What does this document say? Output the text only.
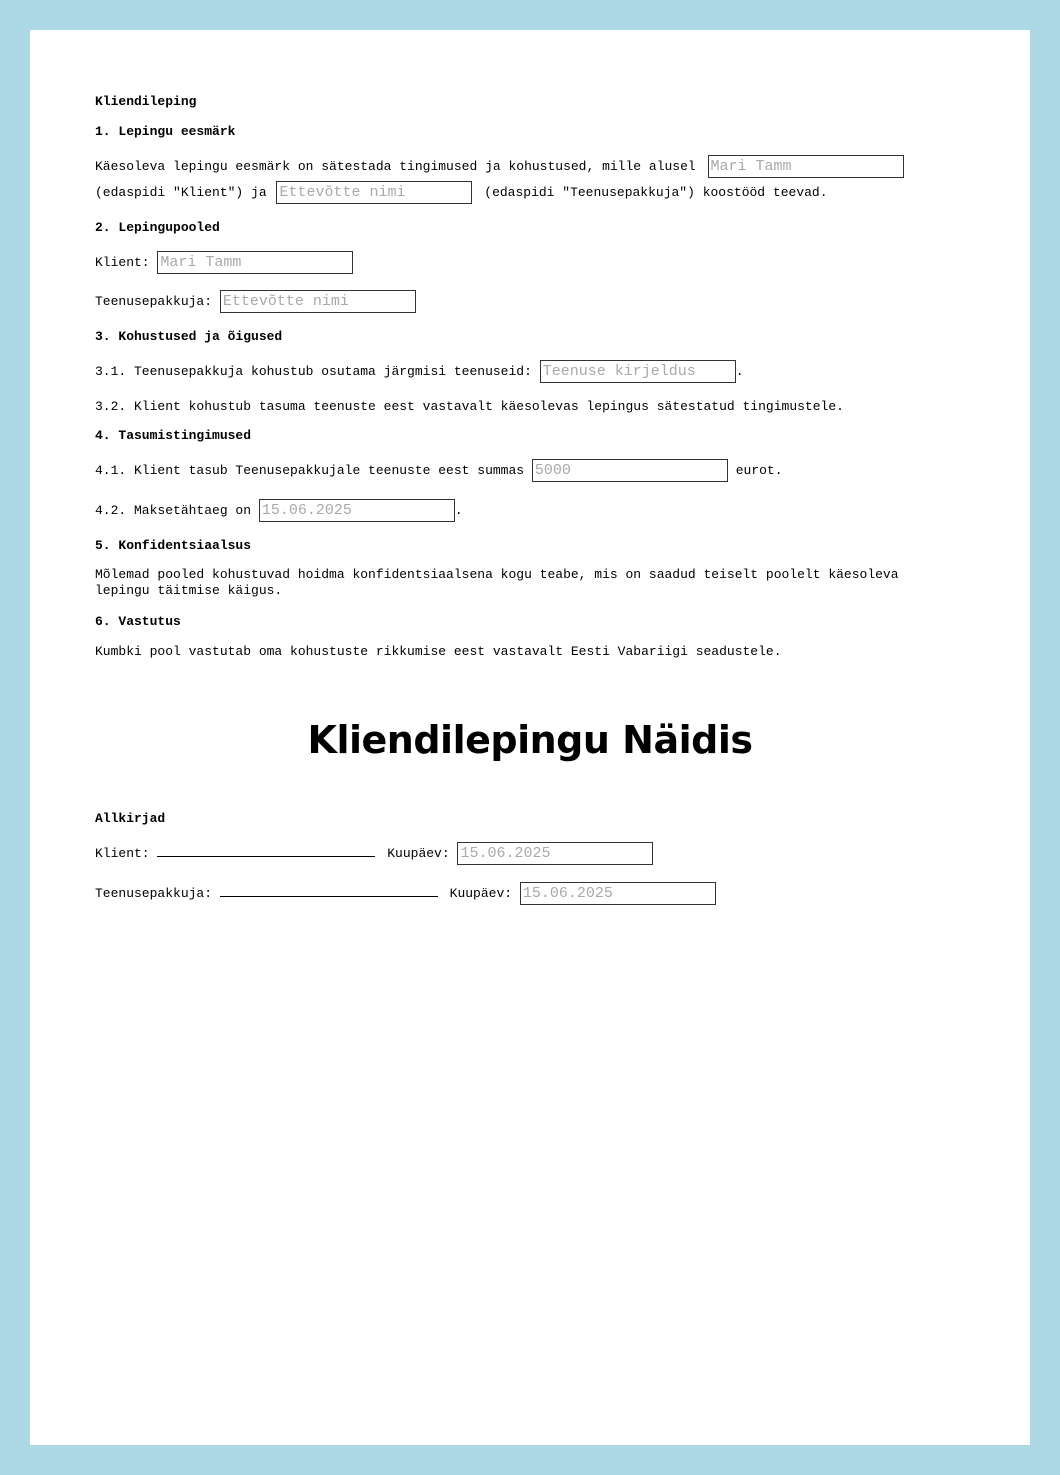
Kliendileping
1. Lepingu eesmärk
Käesoleva lepingu eesmärk on sätestada tingimused ja kohustused, mille alusel Mari Tamm
(edaspidi "Klient") ja Ettevõtte nimi	(edaspidi "Teenusepakkuja") koostööd teevad.
2. Lepingupooled
Klient: Mari Tamm
Teenusepakkuja: Ettevõtte nimi
3. Kohustused ja õigused
3.1. Teenusepakkuja kohustub osutama järgmisi teenuseid: Teenuse kirjeldus	.
3.2. Klient kohustub tasuma teenuste eest vastavalt käesolevas lepingus sätestatud tingimustele.
4. Tasumistingimused
4.1. Klient tasub Teenusepakkujale teenuste eest summas 5000	eurot.
4.2. Maksetähtaeg on 15.06.2025	.
5. Konfidentsiaalsus
Mõlemad pooled kohustuvad hoidma konfidentsiaalsena kogu teabe, mis on saadud teiselt poolelt käesoleva lepingu täitmise käigus.
6. Vastutus
Kumbki pool vastutab oma kohustuste rikkumise eest vastavalt Eesti Vabariigi seadustele.
Allkirjad
Klient:	Kuupäev: 15.06.2025
Teenusepakkuja:	Kuupäev: 15.06.2025
Kliendilepingu Näidis
